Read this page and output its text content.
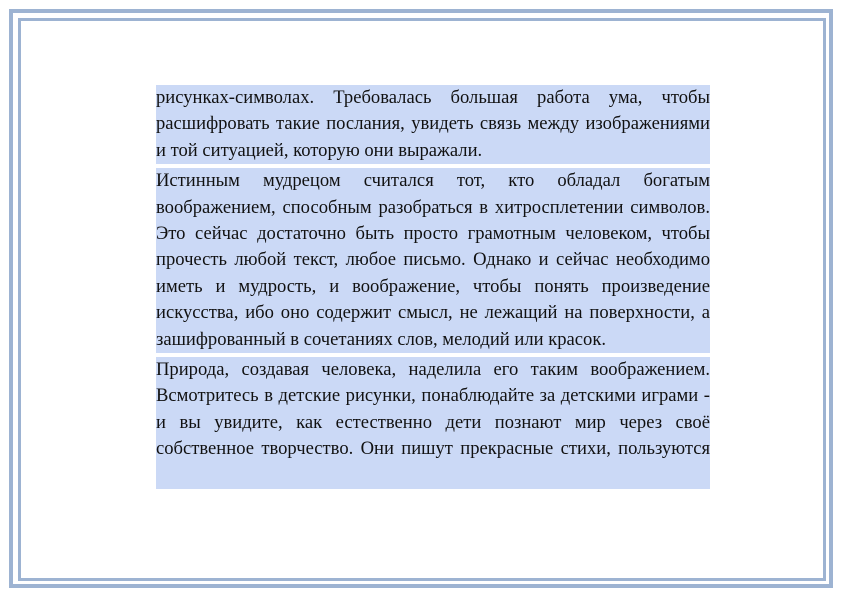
рисунках-символах. Требовалась большая работа ума, чтобы расшифровать такие послания, увидеть связь между изображениями и той ситуацией, которую они выражали.

Истинным мудрецом считался тот, кто обладал богатым воображением, способным разобраться в хитросплетении символов. Это сейчас достаточно быть просто грамотным человеком, чтобы прочесть любой текст, любое письмо. Однако и сейчас необходимо иметь и мудрость, и воображение, чтобы понять произведение искусства, ибо оно содержит смысл, не лежащий на поверхности, а зашифрованный в сочетаниях слов, мелодий или красок.

Природа, создавая человека, наделила его таким воображением. Всмотритесь в детские рисунки, понаблюдайте за детскими играми - и вы увидите, как естественно дети познают мир через своё собственное творчество. Они пишут прекрасные стихи, пользуются
